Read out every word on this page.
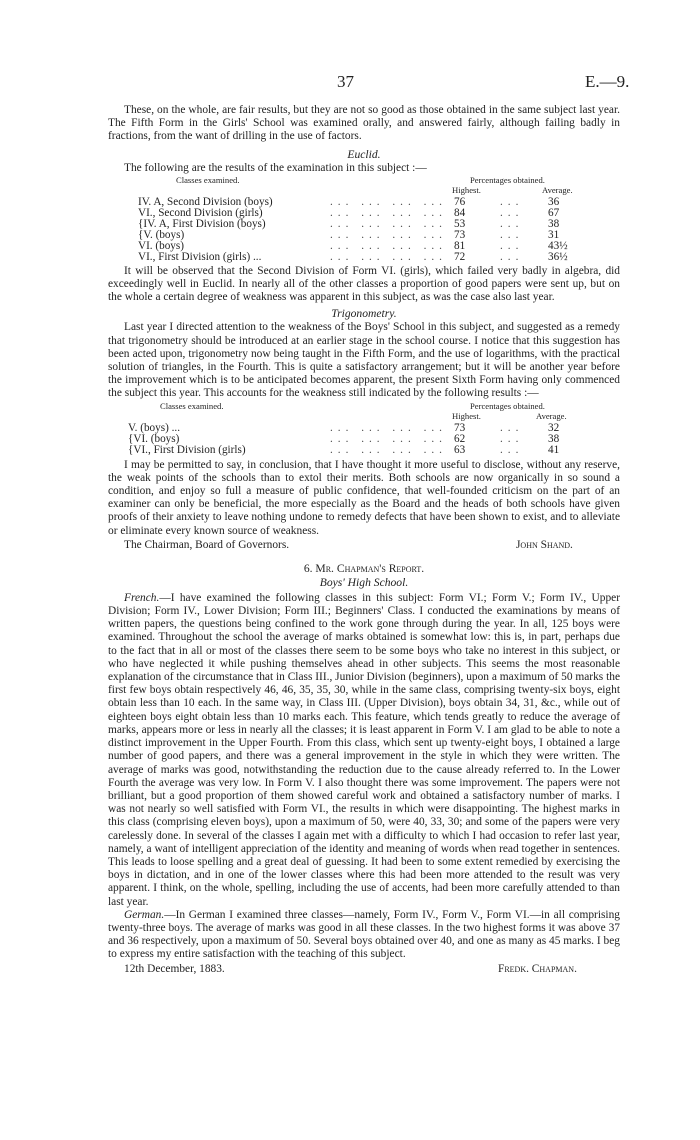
37	E.—9.

These, on the whole, are fair results, but they are not so good as those obtained in the same subject last year. The Fifth Form in the Girls' School was examined orally, and answered fairly, although failing badly in fractions, from the want of drilling in the use of factors.

Euclid.

The following are the results of the examination in this subject :—

Classes examined.	Percentages obtained.
Highest.	Average.
IV. A, Second Division (boys)	... ... ... ... 76	... 36
VI., Second Division (girls)	... ... ... ... 84	... 67
{IV. A, First Division (boys)	... ... ... ... 53	... 38
{V. (boys)	... ... ... ... 73	... 31
VI. (boys)	... ... ... ... 81	... 43½
VI., First Division (girls) ...	... ... ... ... 72	... 36½

It will be observed that the Second Division of Form VI. (girls), which failed very badly in algebra, did exceedingly well in Euclid. In nearly all of the other classes a proportion of good papers were sent up, but on the whole a certain degree of weakness was apparent in this subject, as was the case also last year.

Trigonometry.

Last year I directed attention to the weakness of the Boys' School in this subject, and suggested as a remedy that trigonometry should be introduced at an earlier stage in the school course. I notice that this suggestion has been acted upon, trigonometry now being taught in the Fifth Form, and the use of logarithms, with the practical solution of triangles, in the Fourth. This is quite a satisfactory arrangement; but it will be another year before the improvement which is to be anticipated becomes apparent, the present Sixth Form having only commenced the subject this year. This accounts for the weakness still indicated by the following results :—

Classes examined.	Percentages obtained.
Highest.	Average.
V. (boys) ...	... ... ... ... 73	... 32
{VI. (boys)	... ... ... ... 62	... 38
{VI., First Division (girls)	... ... ... ... 63	... 41

I may be permitted to say, in conclusion, that I have thought it more useful to disclose, without any reserve, the weak points of the schools than to extol their merits. Both schools are now organically in so sound a condition, and enjoy so full a measure of public confidence, that well-founded criticism on the part of an examiner can only be beneficial, the more especially as the Board and the heads of both schools have given proofs of their anxiety to leave nothing undone to remedy defects that have been shown to exist, and to alleviate or eliminate every known source of weakness.

The Chairman, Board of Governors.	John Shand.
6. Mr. Chapman's Report.
Boys' High School.

French.—I have examined the following classes in this subject: Form VI.; Form V.; Form IV., Upper Division; Form IV., Lower Division; Form III.; Beginners' Class. I conducted the examinations by means of written papers, the questions being confined to the work gone through during the year. In all, 125 boys were examined. Throughout the school the average of marks obtained is somewhat low: this is, in part, perhaps due to the fact that in all or most of the classes there seem to be some boys who take no interest in this subject, or who have neglected it while pushing themselves ahead in other subjects. This seems the most reasonable explanation of the circumstance that in Class III., Junior Division (beginners), upon a maximum of 50 marks the first few boys obtain respectively 46, 46, 35, 35, 30, while in the same class, comprising twenty-six boys, eight obtain less than 10 each. In the same way, in Class III. (Upper Division), boys obtain 34, 31, &c., while out of eighteen boys eight obtain less than 10 marks each. This feature, which tends greatly to reduce the average of marks, appears more or less in nearly all the classes; it is least apparent in Form V. I am glad to be able to note a distinct improvement in the Upper Fourth. From this class, which sent up twenty-eight boys, I obtained a large number of good papers, and there was a general improvement in the style in which they were written. The average of marks was good, notwithstanding the reduction due to the cause already referred to. In the Lower Fourth the average was very low. In Form V. I also thought there was some improvement. The papers were not brilliant, but a good proportion of them showed careful work and obtained a satisfactory number of marks. I was not nearly so well satisfied with Form VI., the results in which were disappointing. The highest marks in this class (comprising eleven boys), upon a maximum of 50, were 40, 33, 30; and some of the papers were very carelessly done. In several of the classes I again met with a difficulty to which I had occasion to refer last year, namely, a want of intelligent appreciation of the identity and meaning of words when read together in sentences. This leads to loose spelling and a great deal of guessing. It had been to some extent remedied by exercising the boys in dictation, and in one of the lower classes where this had been more attended to the result was very apparent. I think, on the whole, spelling, including the use of accents, had been more carefully attended to than last year.

German.—In German I examined three classes—namely, Form IV., Form V., Form VI.—in all comprising twenty-three boys. The average of marks was good in all these classes. In the two highest forms it was above 37 and 36 respectively, upon a maximum of 50. Several boys obtained over 40, and one as many as 45 marks. I beg to express my entire satisfaction with the teaching of this subject.

12th December, 1883.	Fredk. Chapman.
